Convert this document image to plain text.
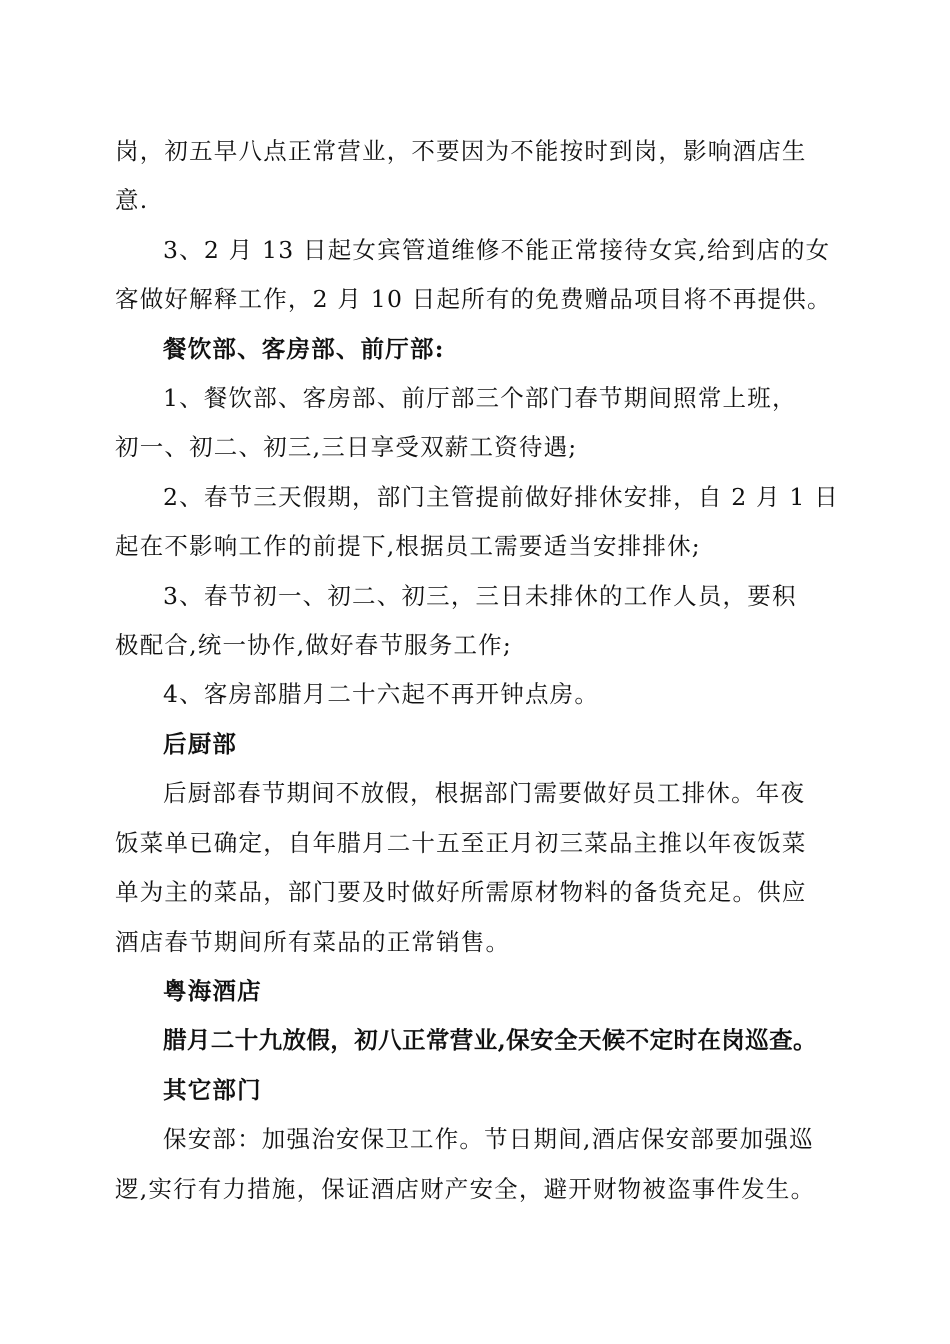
岗，初五早八点正常营业，不要因为不能按时到岗，影响酒店生
意.

3、2 月 13 日起女宾管道维修不能正常接待女宾,给到店的女
客做好解释工作，2 月 10 日起所有的免费赠品项目将不再提供。

餐饮部、客房部、前厅部:

1、餐饮部、客房部、前厅部三个部门春节期间照常上班，
初一、初二、初三,三日享受双薪工资待遇;

2、春节三天假期，部门主管提前做好排休安排，自 2 月 1 日
起在不影响工作的前提下,根据员工需要适当安排排休;

3、春节初一、初二、初三，三日未排休的工作人员，要积
极配合,统一协作,做好春节服务工作;

4、客房部腊月二十六起不再开钟点房。

后厨部

后厨部春节期间不放假，根据部门需要做好员工排休。年夜
饭菜单已确定，自年腊月二十五至正月初三菜品主推以年夜饭菜
单为主的菜品，部门要及时做好所需原材物料的备货充足。供应
酒店春节期间所有菜品的正常销售。

粤海酒店

腊月二十九放假，初八正常营业,保安全天候不定时在岗巡查。

其它部门

保安部：加强治安保卫工作。节日期间,酒店保安部要加强巡
逻,实行有力措施，保证酒店财产安全，避开财物被盗事件发生。
